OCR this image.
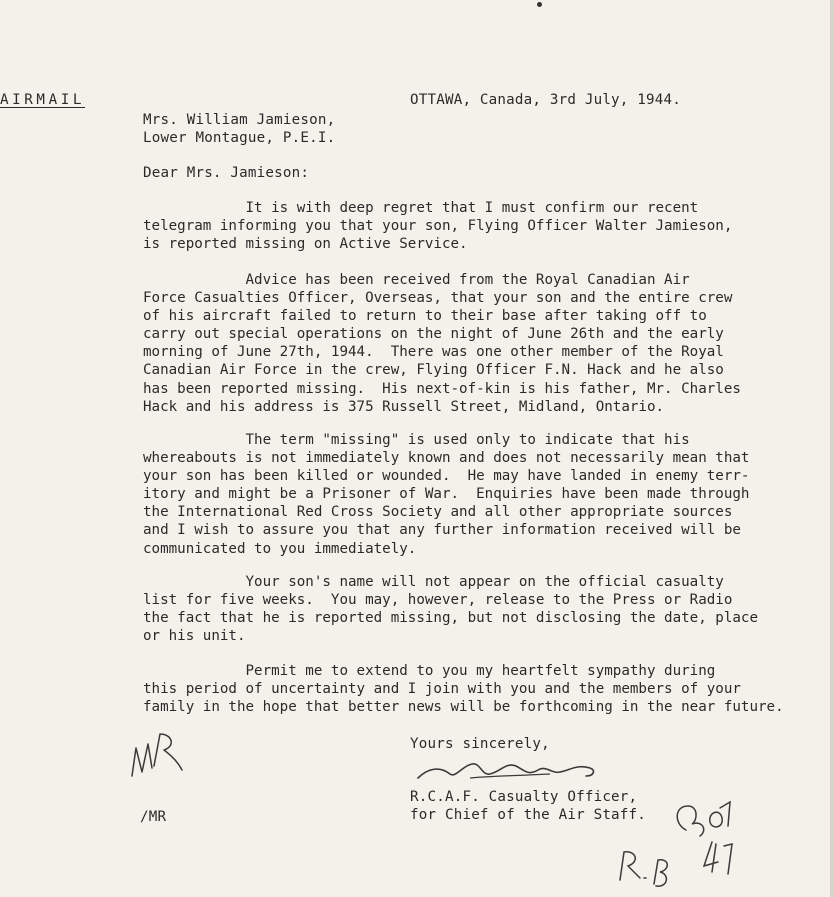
AIRMAIL	OTTAWA, Canada, 3rd July, 1944.
Mrs. William Jamieson,
Lower Montague, P.E.I.
Dear Mrs. Jamieson:
It is with deep regret that I must confirm our recent
telegram informing you that your son, Flying Officer Walter Jamieson,
is reported missing on Active Service.
Advice has been received from the Royal Canadian Air
Force Casualties Officer, Overseas, that your son and the entire crew
of his aircraft failed to return to their base after taking off to
carry out special operations on the night of June 26th and the early
morning of June 27th, 1944.  There was one other member of the Royal
Canadian Air Force in the crew, Flying Officer F.N. Hack and he also
has been reported missing.  His next-of-kin is his father, Mr. Charles
Hack and his address is 375 Russell Street, Midland, Ontario.
The term "missing" is used only to indicate that his
whereabouts is not immediately known and does not necessarily mean that
your son has been killed or wounded.  He may have landed in enemy terr-
itory and might be a Prisoner of War.  Enquiries have been made through
the International Red Cross Society and all other appropriate sources
and I wish to assure you that any further information received will be
communicated to you immediately.
Your son's name will not appear on the official casualty
list for five weeks.  You may, however, release to the Press or Radio
the fact that he is reported missing, but not disclosing the date, place
or his unit.
Permit me to extend to you my heartfelt sympathy during
this period of uncertainty and I join with you and the members of your
family in the hope that better news will be forthcoming in the near future.
Yours sincerely,
R.C.A.F. Casualty Officer,
for Chief of the Air Staff.
/MR
